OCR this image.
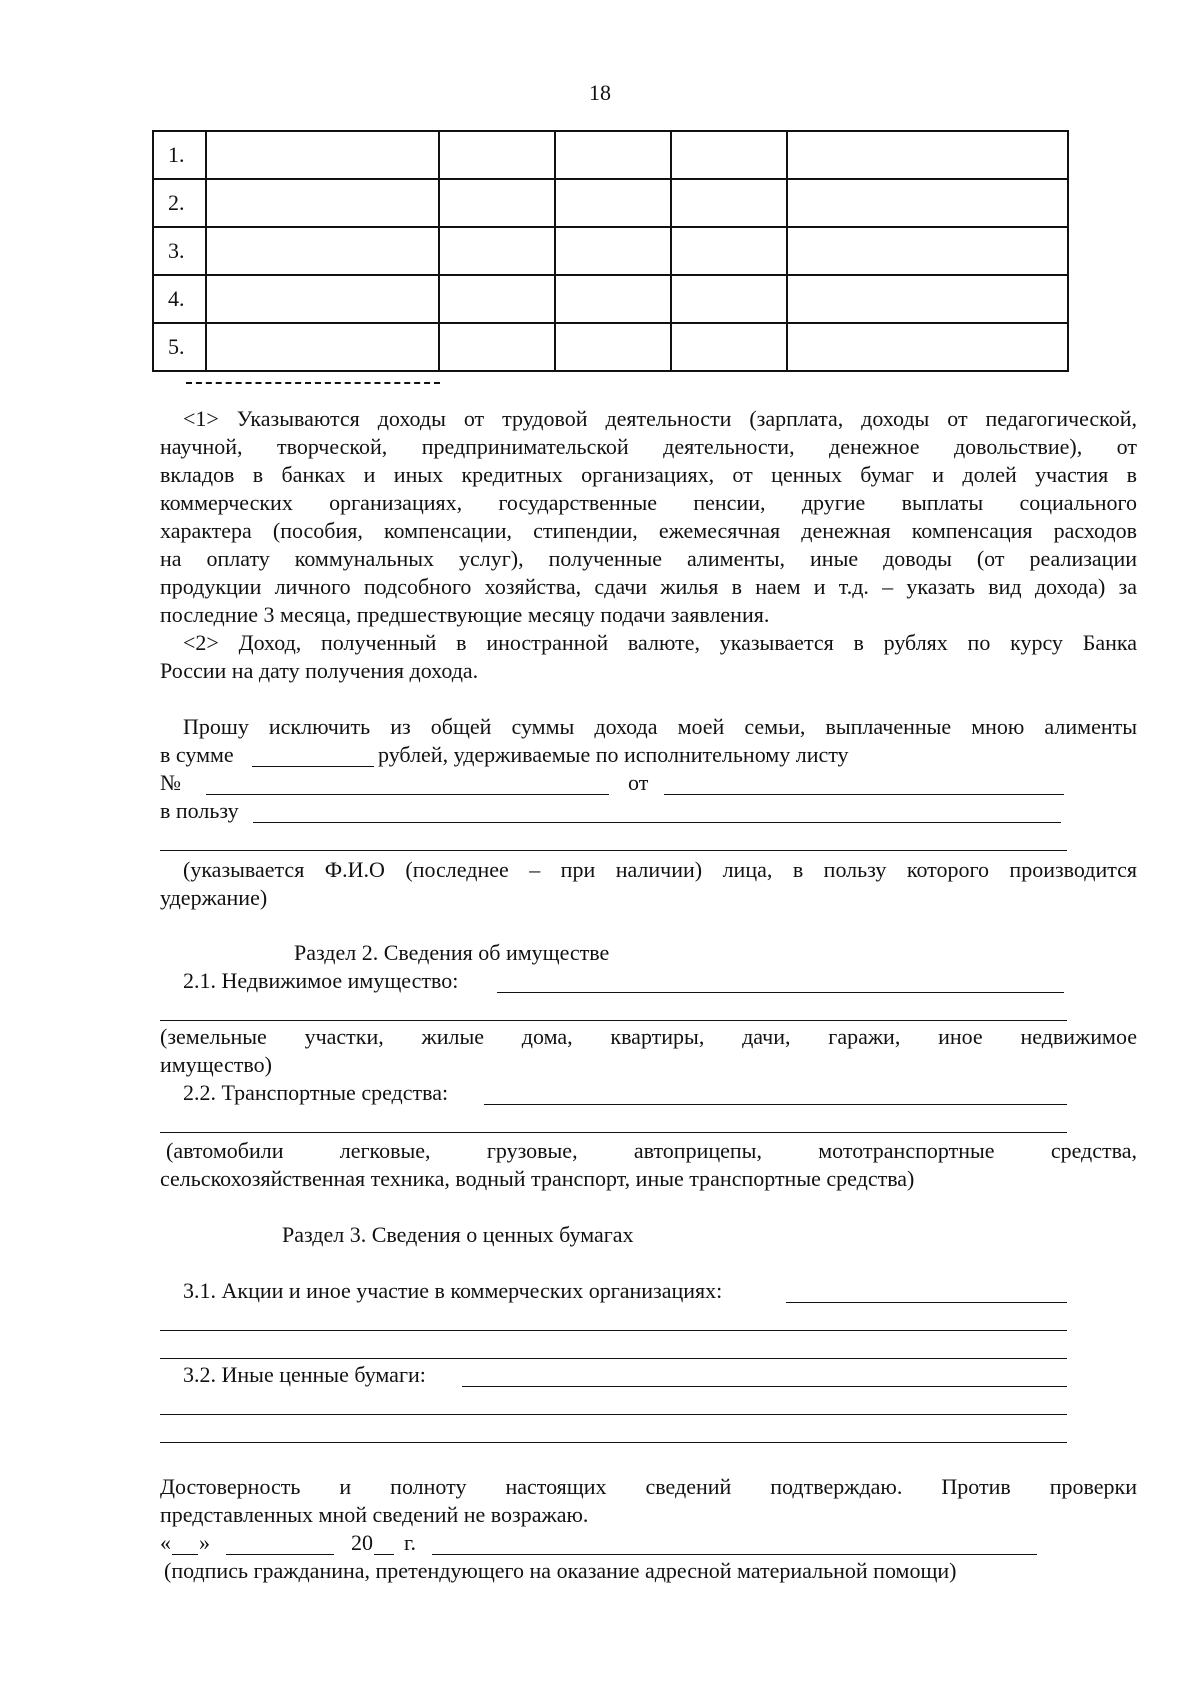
18
1.					
2.					
3.					
4.					
5.					
<1> Указываются доходы от трудовой деятельности (зарплата, доходы от педагогической,
научной, творческой, предпринимательской деятельности, денежное довольствие), от
вкладов в банках и иных кредитных организациях, от ценных бумаг и долей участия в
коммерческих организациях, государственные пенсии, другие выплаты социального
характера (пособия, компенсации, стипендии, ежемесячная денежная компенсация расходов
на оплату коммунальных услуг), полученные алименты, иные доводы (от реализации
продукции личного подсобного хозяйства, сдачи жилья в наем и т.д. – указать вид дохода) за
последние 3 месяца, предшествующие месяцу подачи заявления.
<2> Доход, полученный в иностранной валюте, указывается в рублях по курсу Банка
России на дату получения дохода.
Прошу исключить из общей суммы дохода моей семьи, выплаченные мною алименты
в сумме	рублей, удерживаемые по исполнительному листу
№	от
в пользу
(указывается Ф.И.О (последнее – при наличии) лица, в пользу которого производится
удержание)
Раздел 2. Сведения об имуществе
2.1. Недвижимое имущество:
(земельные участки, жилые дома, квартиры, дачи, гаражи, иное недвижимое
имущество)
2.2. Транспортные средства:
(автомобили легковые, грузовые, автоприцепы, мототранспортные средства,
сельскохозяйственная техника, водный транспорт, иные транспортные средства)
Раздел 3. Сведения о ценных бумагах
3.1. Акции и иное участие в коммерческих организациях:
3.2. Иные ценные бумаги:
Достоверность и полноту настоящих сведений подтверждаю. Против проверки
представленных мной сведений не возражаю.
« »	20 г.
(подпись гражданина, претендующего на оказание адресной материальной помощи)
